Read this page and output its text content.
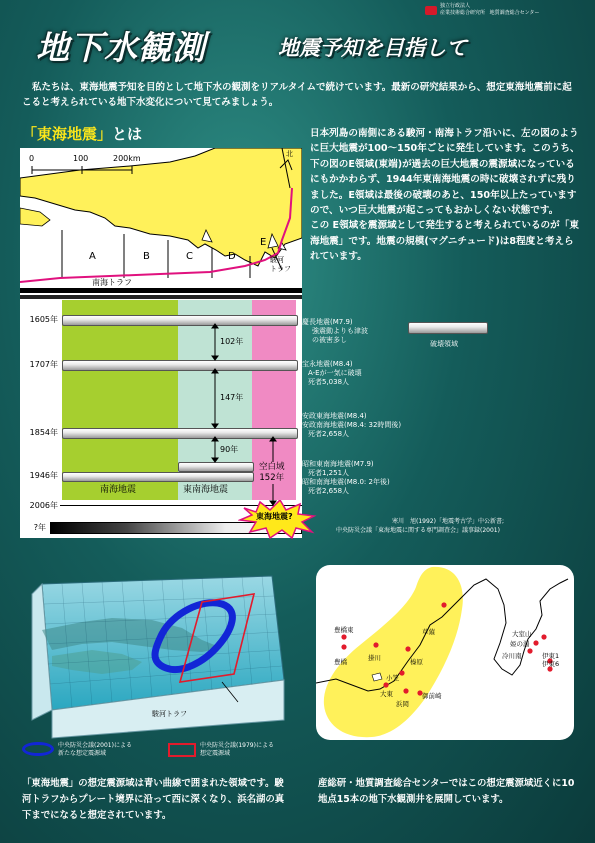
独立行政法人
産業技術総合研究所 地質調査総合センター
地下水観測	地震予知を目指して
私たちは、東海地震予知を目的として地下水の観測をリアルタイムで続けています。最新の研究結果から、想定東海地震前に起こると考えられている地下水変化について見てみましょう。
「東海地震」とは
0	100	200km	北
A	B	C	D
E
南海トラフ
駿河
トラフ
1605年
1707年
1854年
1946年
2006年
?年
102年
147年
90年
空白域
152年
南海地震	東南海地震
東海地震?
慶長地震(M7.9)
強震動よりも津波
の被害多し
宝永地震(M8.4)
A-Eが一気に破壊
死者5,038人
安政東海地震(M8.4)
安政南海地震(M8.4: 32時間後)
死者2,658人
昭和東南海地震(M7.9)
死者1,251人
昭和南海地震(M8.0: 2年後)
死者2,658人
破壊領域
日本列島の南側にある駿河・南海トラフ沿いに、左の図のように巨大地震が100〜150年ごとに発生しています。このうち、下の図のE領域(東端)が過去の巨大地震の震源域になっているにもかかわらず、1944年東南海地震の時に破壊されずに残りました。E領域は最後の破壊のあと、150年以上たっていますので、いつ巨大地震が起こってもおかしくない状態です。
この E領域を震源域として発生すると考えられているのが「東海地震」です。地震の規模(マグニチュード)は8程度と考えられています。
寒川　旭(1992)「地震考古学」中公新書;
中央防災会議「東海地震に関する専門調査会」議事録(2001)
駿河トラフ
中央防災会議(2001)による
新たな想定震源域
中央防災会議(1979)による
想定震源域
豊橋東
豊橋	掛川
草薙
榛原
小笠
大東
浜岡
御前崎
大室山
姫の湯
冷川南	伊東1
伊東6
「東海地震」の想定震源域は青い曲線で囲まれた領域です。駿河トラフからプレート境界に沿って西に深くなり、浜名湖の真下までになると想定されています。
産総研・地質調査総合センターではこの想定震源域近くに10地点15本の地下水観測井を展開しています。
